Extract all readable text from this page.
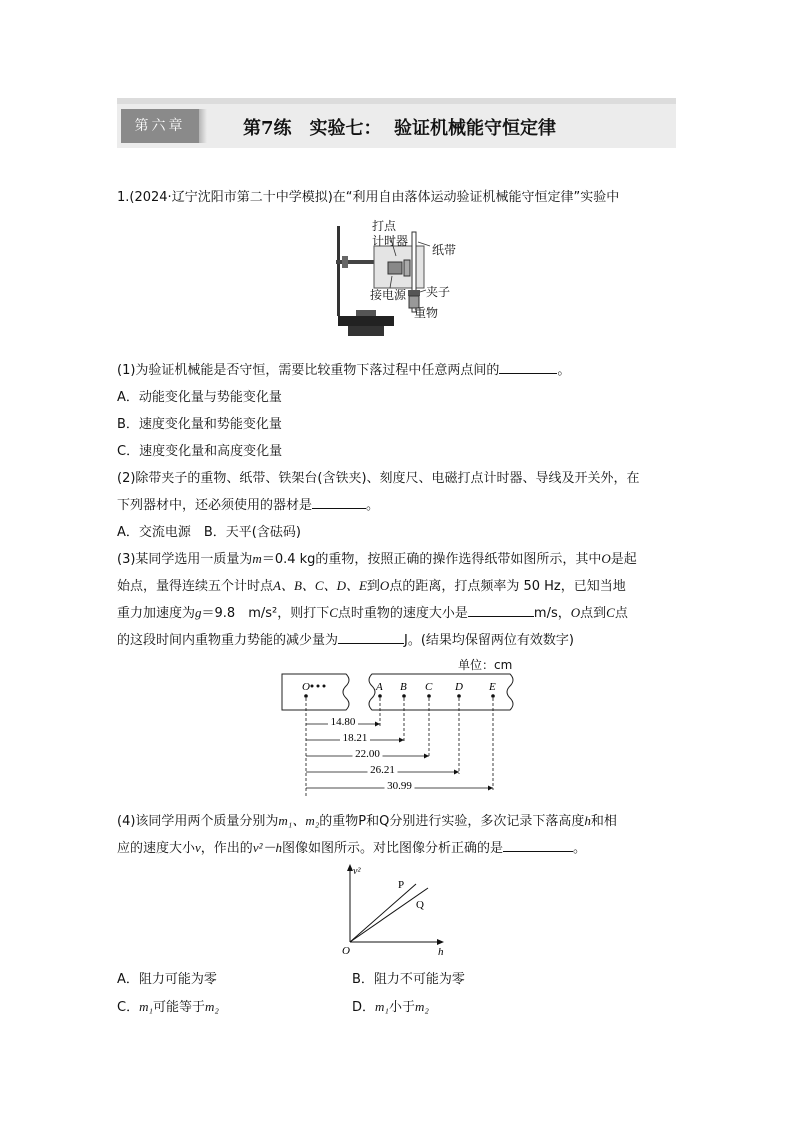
第六章	第7练　实验七：  验证机械能守恒定律
1.(2024·辽宁沈阳市第二十中学模拟)在“利用自由落体运动验证机械能守恒定律”实验中
打点
计时器
纸带
接电源 夹子
重物
(1)为验证机械能是否守恒，需要比较重物下落过程中任意两点间的	。
A．动能变化量与势能变化量
B．速度变化量和势能变化量
C．速度变化量和高度变化量
(2)除带夹子的重物、纸带、铁架台(含铁夹)、刻度尺、电磁打点计时器、导线及开关外，在
下列器材中，还必须使用的器材是	。
A．交流电源　B．天平(含砝码)
(3)某同学选用一质量为m＝0.4 kg的重物，按照正确的操作选得纸带如图所示，其中O是起
始点，量得连续五个计时点A、B、C、D、E到O点的距离，打点频率为 50 Hz，已知当地
重力加速度为g＝9.8　m/s²，则打下C点时重物的速度大小是	m/s，O点到C点
的这段时间内重物重力势能的减少量为	J。(结果均保留两位有效数字)
单位：cm
O	A B C D E
14.80
18.21
22.00
26.21
30.99
(4)该同学用两个质量分别为m₁、m₂的重物P和Q分别进行实验，多次记录下落高度h和相
应的速度大小v，作出的v²－h图像如图所示。对比图像分析正确的是	。
v²
h
O
P
Q
A．阻力可能为零	B．阻力不可能为零
C．m₁可能等于m₂	D．m₁小于m₂
